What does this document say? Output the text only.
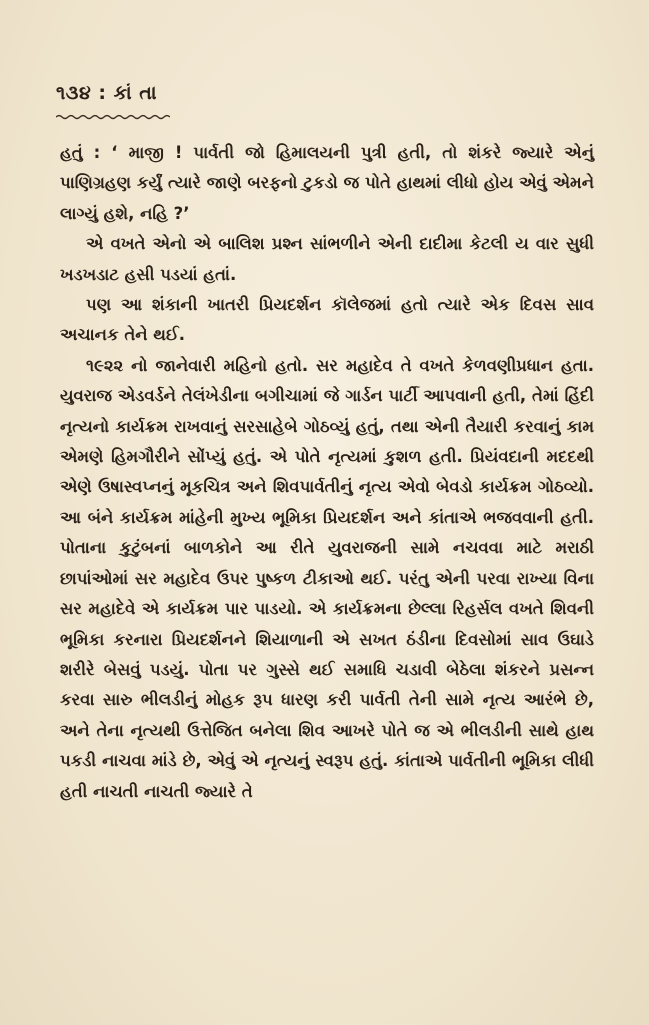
૧૩૪ : કાં તા

હતું : ‘ માજી ! પાર્વતી જો હિમાલયની પુત્રી હતી, તો શંકરે જ્યારે એનું પાણિગ્રહણ કર્યું ત્યારે જાણે બરફનો ટુકડો જ પોતે હાથમાં લીધો હોય એવું એમને લાગ્યું હશે, નહિ ?’

એ વખતે એનો એ બાલિશ પ્રશ્ન સાંભળીને એની દાદીમા કેટલી ય વાર સુધી ખડખડાટ હસી પડયાં હતાં.

પણ આ શંકાની ખાતરી પ્રિયદર્શન કૉલેજમાં હતો ત્યારે એક દિવસ સાવ અચાનક તેને થઈ.

૧૯૨૨ નો જાનેવારી મહિનો હતો. સર મહાદેવ તે વખતે કેળવણીપ્રધાન હતા. યુવરાજ એડવર્ડને તેલંખેડીના બગીચામાં જે ગાર્ડન પાર્ટી આપવાની હતી, તેમાં હિંદી નૃત્યનો કાર્યક્રમ રાખવાનું સરસાહેબે ગોઠવ્યું હતું, તથા એની તૈયારી કરવાનું કામ એમણે હિમગૌરીને સોંપ્યું હતું. એ પોતે નૃત્યમાં કુશળ હતી. પ્રિયંવદાની મદદથી એણે ઉષાસ્વપ્નનું મૂકચિત્ર અને શિવપાર્વતીનું નૃત્ય એવો બેવડો કાર્યક્રમ ગોઠવ્યો. આ બંને કાર્યક્રમ માંહેની મુખ્ય ભૂમિકા પ્રિયદર્શન અને કાંતાએ ભજવવાની હતી. પોતાના કુટુંબનાં બાળકોને આ રીતે યુવરાજની સામે નચવવા માટે મરાઠી છાપાંઓમાં સર મહાદેવ ઉપર પુષ્કળ ટીકાઓ થઈ. પરંતુ એની પરવા રાખ્યા વિના સર મહાદેવે એ કાર્યક્રમ પાર પાડયો. એ કાર્યક્રમના છેલ્લા રિહર્સલ વખતે શિવની ભૂમિકા કરનારા પ્રિયદર્શનને શિયાળાની એ સખત ઠંડીના દિવસોમાં સાવ ઉઘાડે શરીરે બેસવું પડયું. પોતા પર ગુસ્સે થઈ સમાધિ ચડાવી બેઠેલા શંકરને પ્રસન્ન કરવા સારુ ભીલડીનું મોહક રૂપ ધારણ કરી પાર્વતી તેની સામે નૃત્ય આરંભે છે, અને તેના નૃત્યથી ઉત્તેજિત બનેલા શિવ આખરે પોતે જ એ ભીલડીની સાથે હાથ પકડી નાચવા માંડે છે, એવું એ નૃત્યનું સ્વરૂપ હતું. કાંતાએ પાર્વતીની ભૂમિકા લીધી હતી નાચતી નાચતી જ્યારે તે
